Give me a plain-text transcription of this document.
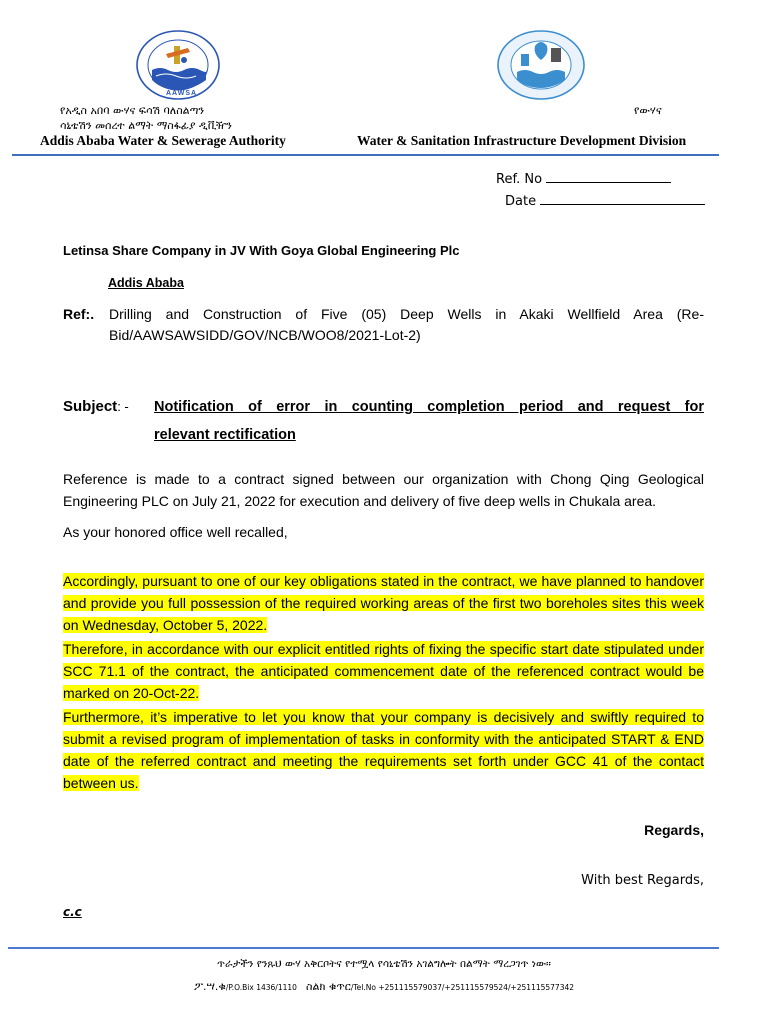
AAWSA
የአዲስ አበባ ውሃና ፍሳሽ ባለስልጣን
ሳኒቴሽን መሰረተ ልማት ማስፋፊያ ዲቪዥን
Addis Ababa Water & Sewerage Authority
የውሃና
Water & Sanitation Infrastructure Development Division
Ref. No
Date
Letinsa Share Company in JV With Goya Global Engineering Plc
Addis Ababa
Ref:. Drilling and Construction of Five (05) Deep Wells in Akaki Wellfield Area (Re-Bid/AAWSAWSIDD/GOV/NCB/WOO8/2021-Lot-2)
Subject: - Notification of error in counting completion period and request for
relevant rectification
Reference is made to a contract signed between our organization with Chong Qing Geological Engineering PLC on July 21, 2022 for execution and delivery of five deep wells in Chukala area.
As your honored office well recalled,
Accordingly, pursuant to one of our key obligations stated in the contract, we have planned to handover and provide you full possession of the required working areas of the first two boreholes sites this week on Wednesday, October 5, 2022.
Therefore, in accordance with our explicit entitled rights of fixing the specific start date stipulated under SCC 71.1 of the contract, the anticipated commencement date of the referenced contract would be marked on 20-Oct-22.
Furthermore, it’s imperative to let you know that your company is decisively and swiftly required to submit a revised program of implementation of tasks in conformity with the anticipated START & END date of the referred contract and meeting the requirements set forth under GCC 41 of the contact between us.
Regards,
With best Regards,
c.c
ጥራታችን የንጹህ ውሃ አቅርቦትና የተሟላ የሳኒቴሽን አገልግሎት በልማት ማረጋገጥ ነው።
ፖ.ሣ.ቁ/P.O.Bix 1436/1110 ስልክ ቁጥር/Tel.No +251115579037/+251115579524/+251115577342
